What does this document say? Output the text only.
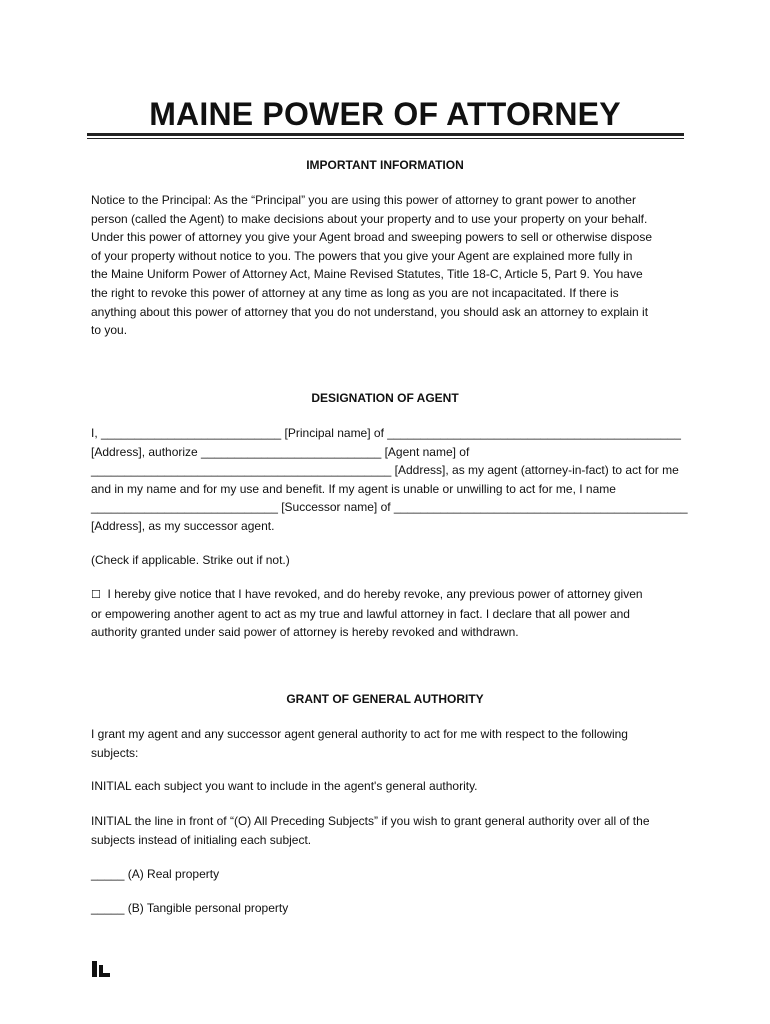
MAINE POWER OF ATTORNEY
IMPORTANT INFORMATION

Notice to the Principal: As the “Principal” you are using this power of attorney to grant power to another
person (called the Agent) to make decisions about your property and to use your property on your behalf.
Under this power of attorney you give your Agent broad and sweeping powers to sell or otherwise dispose
of your property without notice to you. The powers that you give your Agent are explained more fully in
the Maine Uniform Power of Attorney Act, Maine Revised Statutes, Title 18-C, Article 5, Part 9. You have
the right to revoke this power of attorney at any time as long as you are not incapacitated. If there is
anything about this power of attorney that you do not understand, you should ask an attorney to explain it
to you.

DESIGNATION OF AGENT

I, ___________________________ [Principal name] of ____________________________________________
[Address], authorize ___________________________ [Agent name] of
_____________________________________________ [Address], as my agent (attorney-in-fact) to act for me
and in my name and for my use and benefit. If my agent is unable or unwilling to act for me, I name
____________________________ [Successor name] of ____________________________________________
[Address], as my successor agent.

(Check if applicable. Strike out if not.)

☐ I hereby give notice that I have revoked, and do hereby revoke, any previous power of attorney given
or empowering another agent to act as my true and lawful attorney in fact. I declare that all power and
authority granted under said power of attorney is hereby revoked and withdrawn.

GRANT OF GENERAL AUTHORITY

I grant my agent and any successor agent general authority to act for me with respect to the following
subjects:

INITIAL each subject you want to include in the agent's general authority.

INITIAL the line in front of “(O) All Preceding Subjects” if you wish to grant general authority over all of the
subjects instead of initialing each subject.

_____ (A) Real property

_____ (B) Tangible personal property
